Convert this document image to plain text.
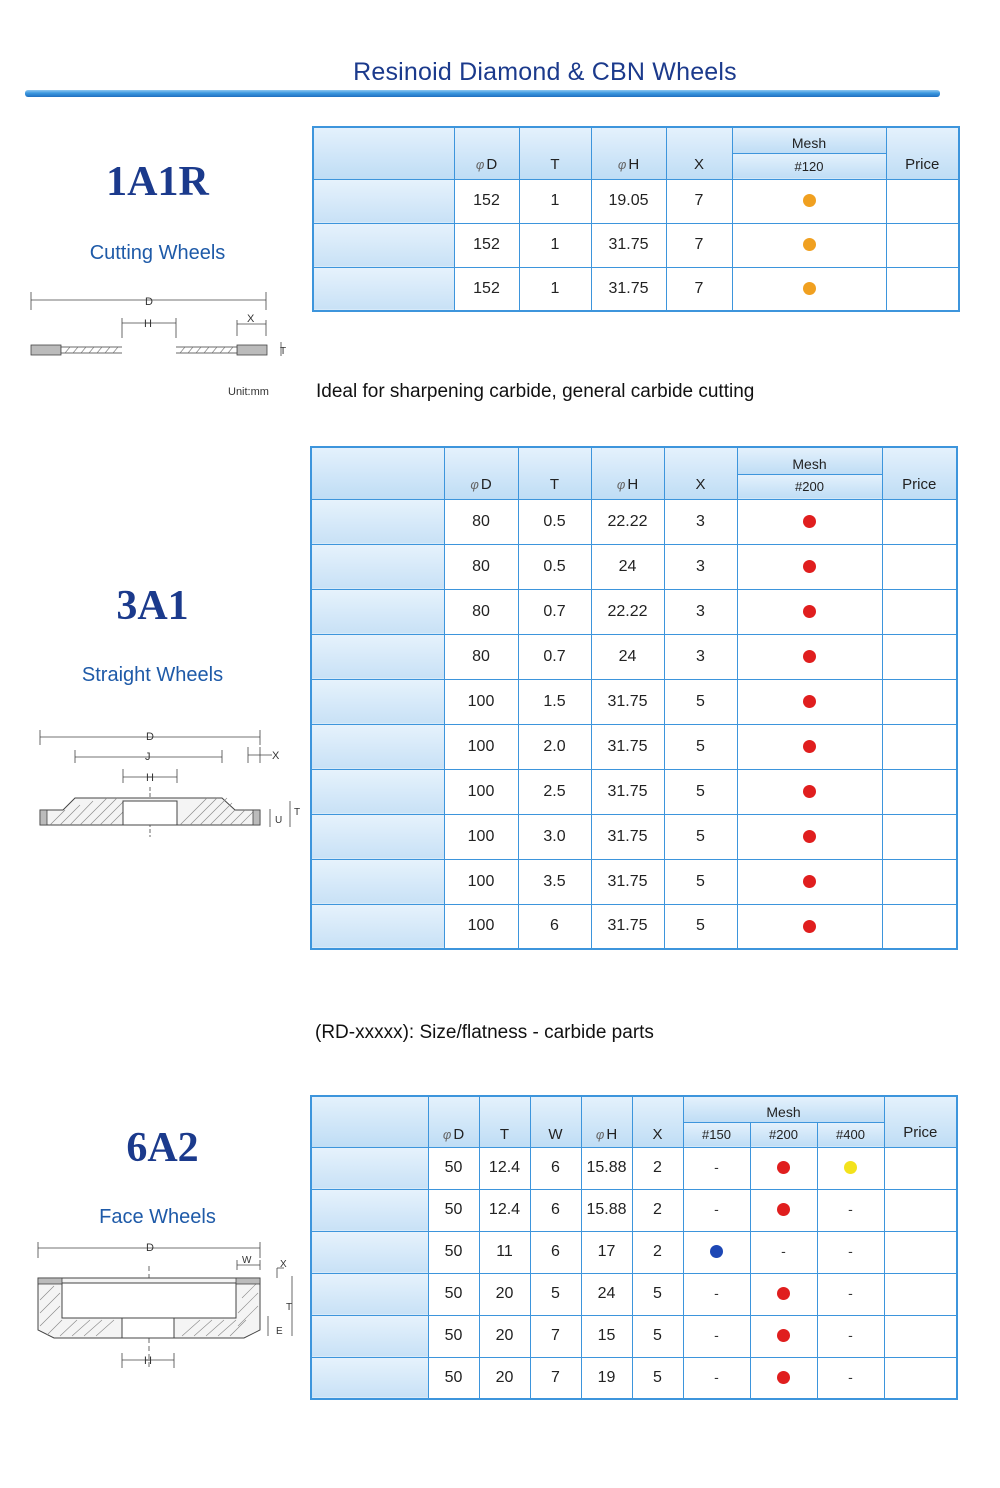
Resinoid Diamond & CBN Wheels
1A1R
Cutting Wheels
D
H	X
T
Unit:mm
	φ D	T	φ H	X	Mesh	Price
					#120	
	152	1	19.05	7		
	152	1	31.75	7		
	152	1	31.75	7		
Ideal for sharpening carbide, general carbide cutting
3A1
Straight Wheels
D
J
H
X
U
T
	φ D	T	φ H	X	Mesh	Price
					#200	
	80	0.5	22.22	3		
	80	0.5	24	3		
	80	0.7	22.22	3		
	80	0.7	24	3		
	100	1.5	31.75	5		
	100	2.0	31.75	5		
	100	2.5	31.75	5		
	100	3.0	31.75	5		
	100	3.5	31.75	5		
	100	6	31.75	5		
(RD-xxxxx): Size/flatness - carbide parts
6A2
Face Wheels
D
W	X
T
E
H
	φ D	T	W	φ H	X	Mesh			Price
						#150	#200	#400	
	50	12.4	6	15.88	2	-			
	50	12.4	6	15.88	2	-		-	
	50	11	6	17	2		-	-	
	50	20	5	24	5	-		-	
	50	20	7	15	5	-		-	
	50	20	7	19	5	-		-	
